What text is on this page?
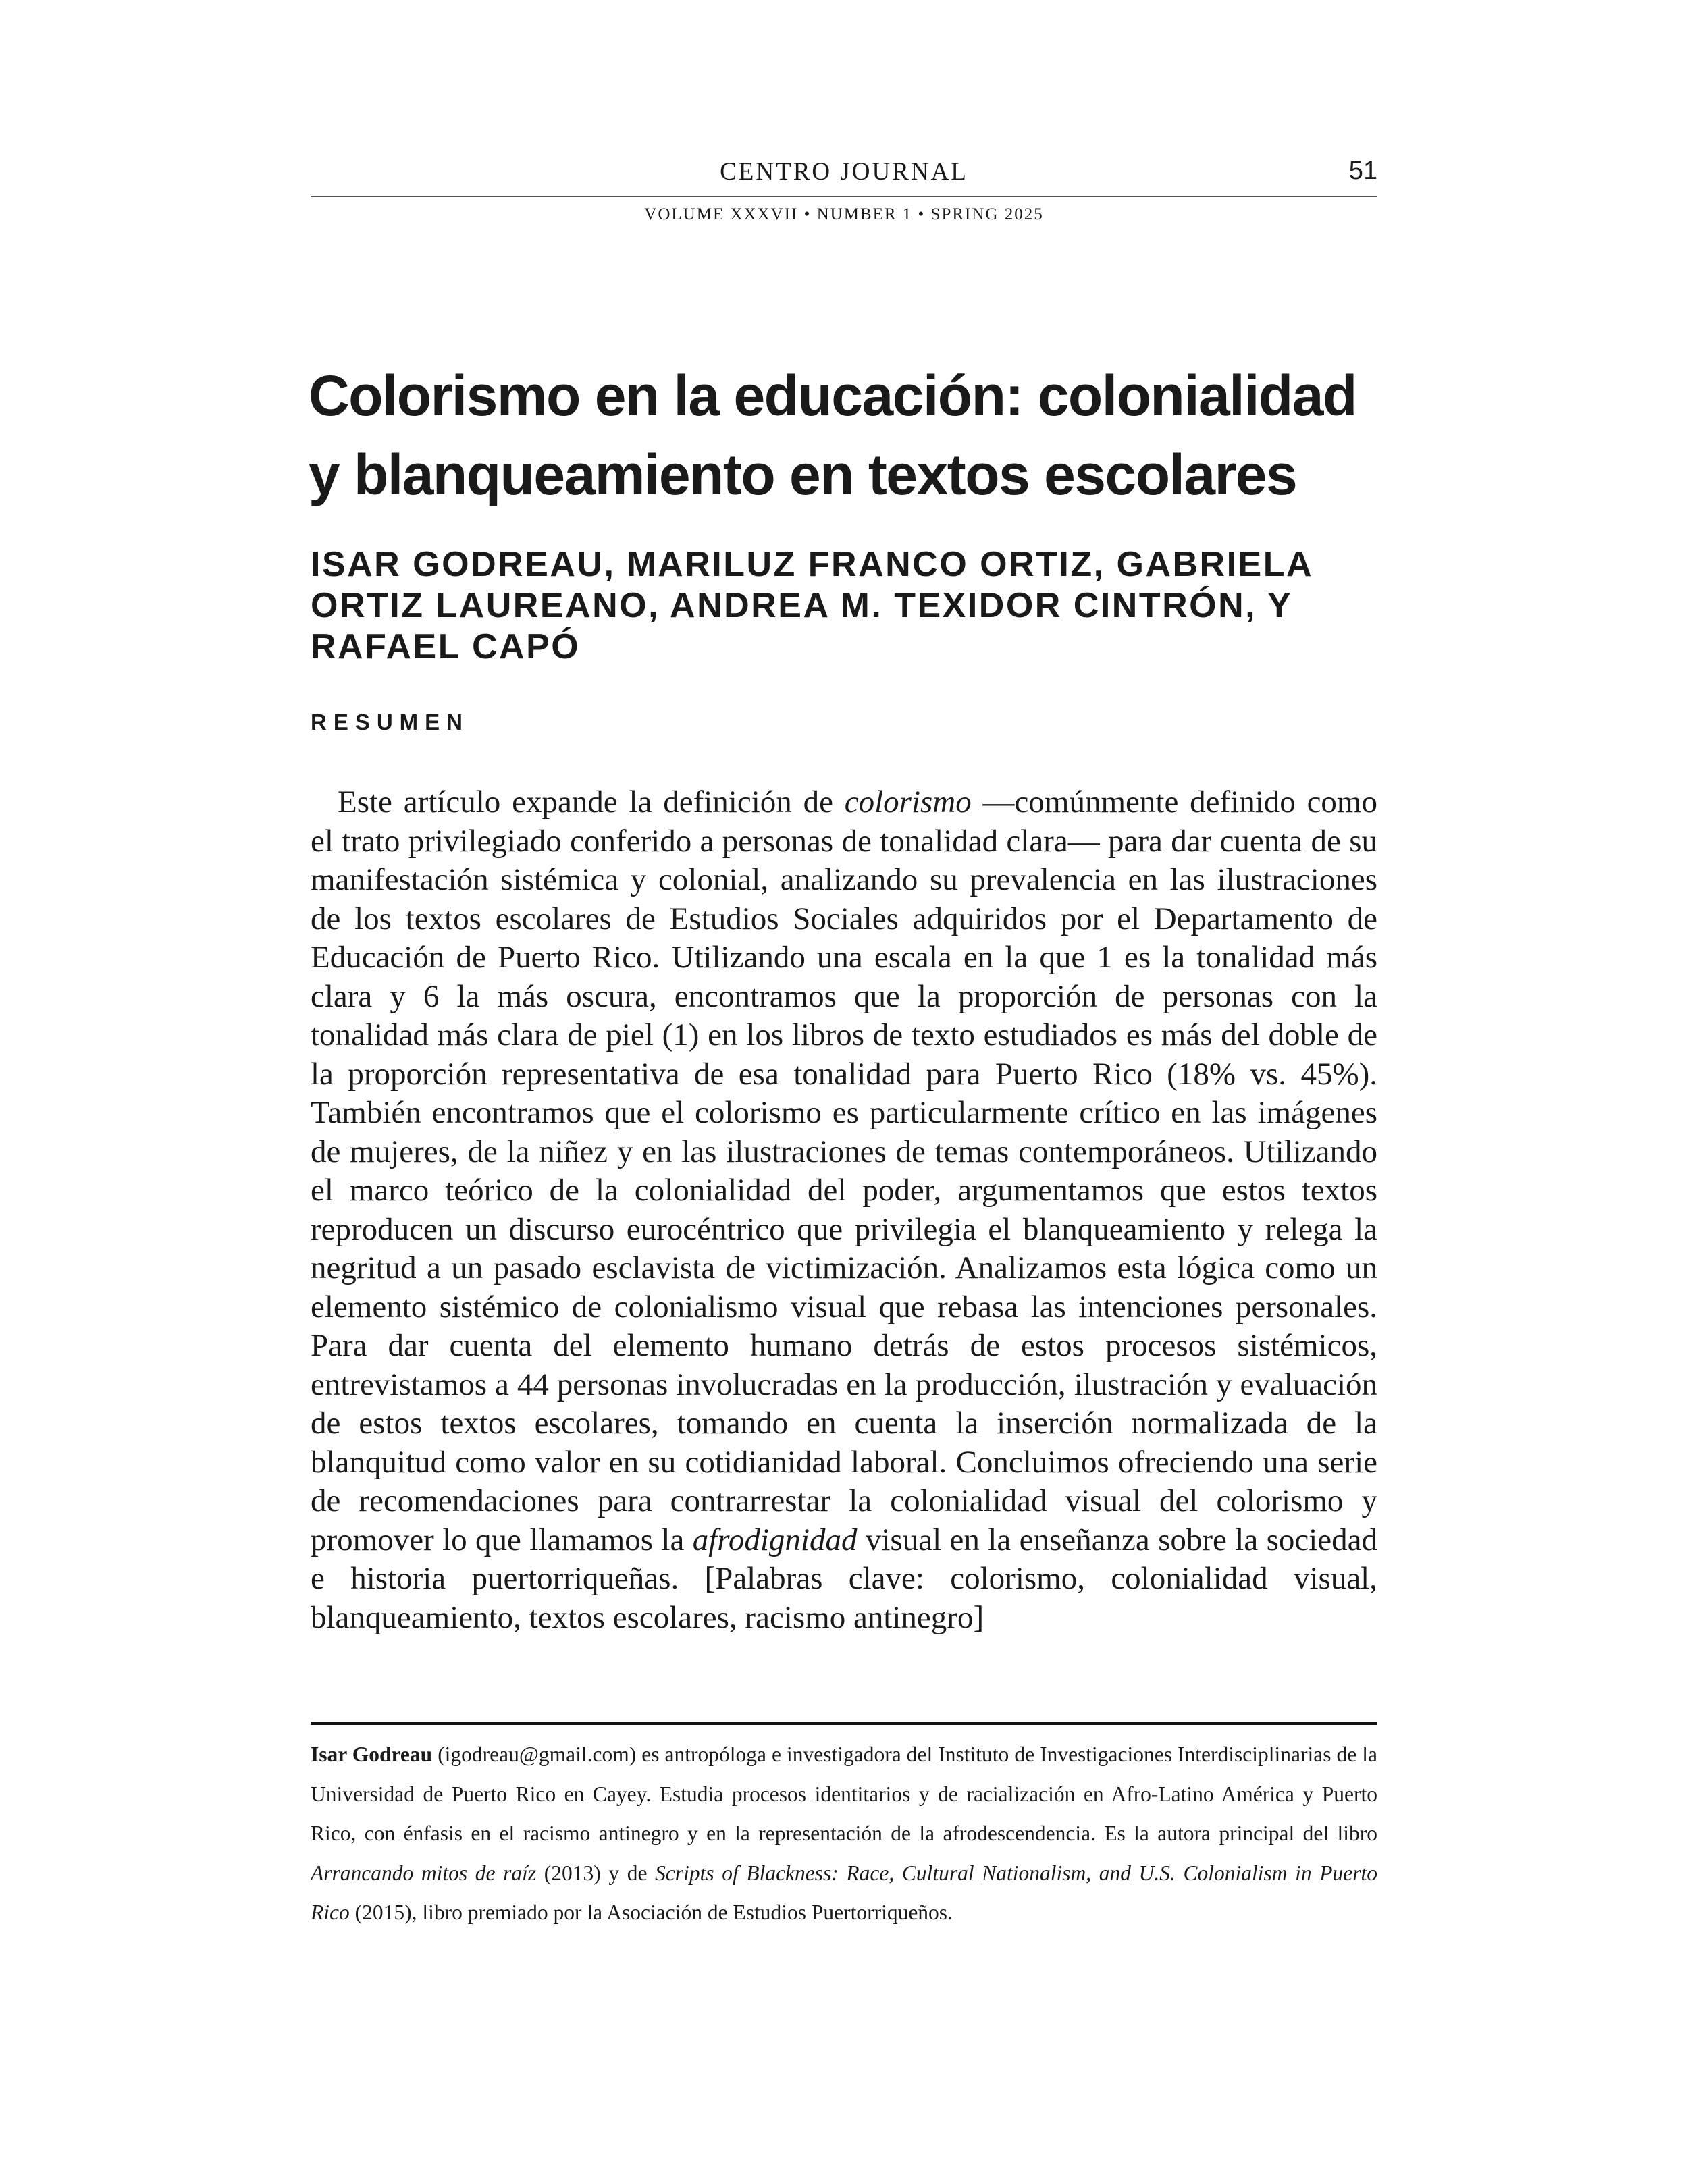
CENTRO JOURNAL	51
VOLUME XXXVII • NUMBER 1 • SPRING 2025
Colorismo en la educación: colonialidad y blanqueamiento en textos escolares
ISAR GODREAU, MARILUZ FRANCO ORTIZ, GABRIELA ORTIZ LAUREANO, ANDREA M. TEXIDOR CINTRÓN, Y RAFAEL CAPÓ
RESUMEN

Este artículo expande la definición de colorismo —comúnmente definido como el trato privilegiado conferido a personas de tonalidad clara— para dar cuenta de su manifestación sistémica y colonial, analizando su prevalencia en las ilustraciones de los textos escolares de Estudios Sociales adquiridos por el Departamento de Educación de Puerto Rico. Utilizando una escala en la que 1 es la tonalidad más clara y 6 la más oscura, encontramos que la proporción de personas con la tonalidad más clara de piel (1) en los libros de texto estudiados es más del doble de la proporción representativa de esa tonalidad para Puerto Rico (18% vs. 45%). También encontramos que el colorismo es particularmente crítico en las imágenes de mujeres, de la niñez y en las ilustraciones de temas contemporáneos. Utilizando el marco teórico de la colonialidad del poder, argumentamos que estos textos reproducen un discurso eurocéntrico que privilegia el blanqueamiento y relega la negritud a un pasado esclavista de victimización. Analizamos esta lógica como un elemento sistémico de colonialismo visual que rebasa las intenciones personales. Para dar cuenta del elemento humano detrás de estos procesos sistémicos, entrevistamos a 44 personas involucradas en la producción, ilustración y evaluación de estos textos escolares, tomando en cuenta la inserción normalizada de la blanquitud como valor en su cotidianidad laboral. Concluimos ofreciendo una serie de recomendaciones para contrarrestar la colonialidad visual del colorismo y promover lo que llamamos la afrodignidad visual en la enseñanza sobre la sociedad e historia puertorriqueñas. [Palabras clave: colorismo, colonialidad visual, blanqueamiento, textos escolares, racismo antinegro]

Isar Godreau (igodreau@gmail.com) es antropóloga e investigadora del Instituto de Investigaciones Interdisciplinarias de la Universidad de Puerto Rico en Cayey. Estudia procesos identitarios y de racialización en Afro-Latino América y Puerto Rico, con énfasis en el racismo antinegro y en la representación de la afrodescendencia. Es la autora principal del libro Arrancando mitos de raíz (2013) y de Scripts of Blackness: Race, Cultural Nationalism, and U.S. Colonialism in Puerto Rico (2015), libro premiado por la Asociación de Estudios Puertorriqueños.
